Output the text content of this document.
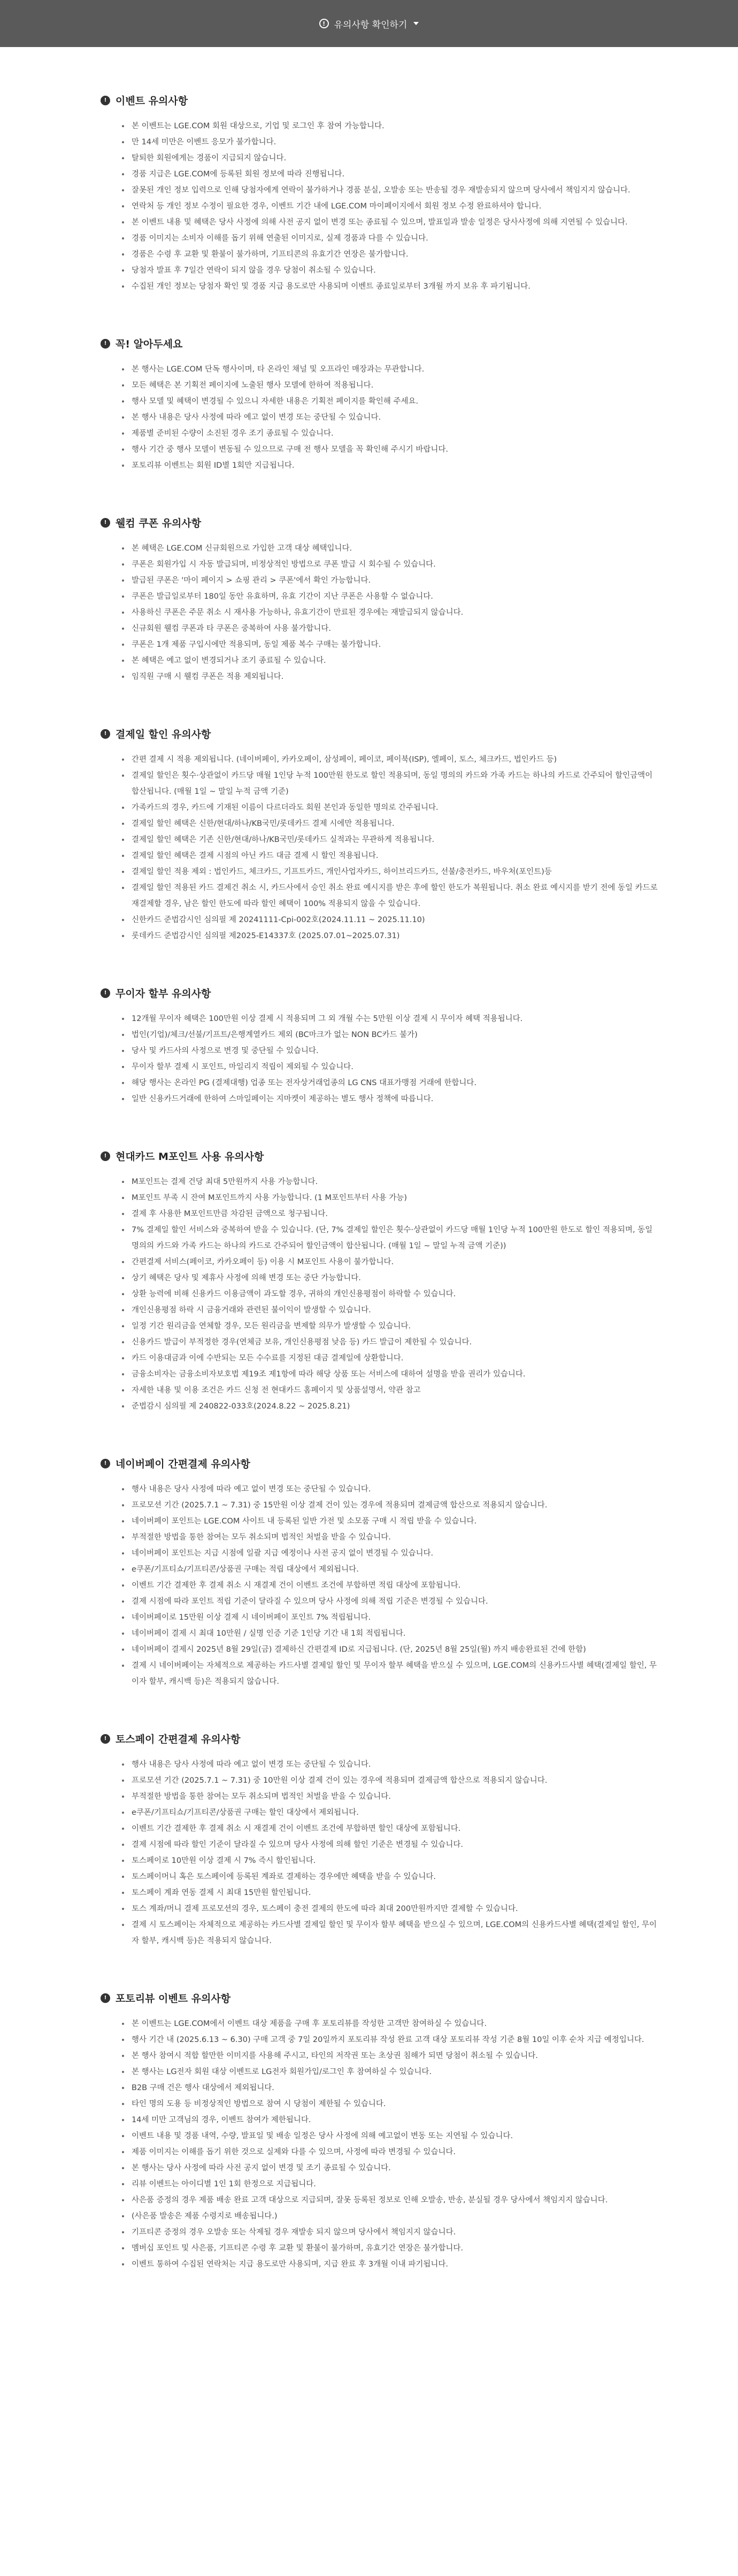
! 유의사항 확인하기
! 이벤트 유의사항
본 이벤트는 LGE.COM 회원 대상으로, 기업 및 로그인 후 참여 가능합니다.
만 14세 미만은 이벤트 응모가 불가합니다.
탈퇴한 회원에게는 경품이 지급되지 않습니다.
경품 지급은 LGE.COM에 등록된 회원 정보에 따라 진행됩니다.
잘못된 개인 정보 입력으로 인해 당첨자에게 연락이 불가하거나 경품 분실, 오발송 또는 반송될 경우 재발송되지 않으며 당사에서 책임지지 않습니다.
연락처 등 개인 정보 수정이 필요한 경우, 이벤트 기간 내에 LGE.COM 마이페이지에서 회원 정보 수정 완료하셔야 합니다.
본 이벤트 내용 및 혜택은 당사 사정에 의해 사전 공지 없이 변경 또는 종료될 수 있으며, 발표일과 발송 일정은 당사사정에 의해 지연될 수 있습니다.
경품 이미지는 소비자 이해를 돕기 위해 연출된 이미지로, 실제 경품과 다를 수 있습니다.
경품은 수령 후 교환 및 환불이 불가하며, 기프티콘의 유효기간 연장은 불가합니다.
당첨자 발표 후 7일간 연락이 되지 않을 경우 당첨이 취소될 수 있습니다.
수집된 개인 정보는 당첨자 확인 및 경품 지급 용도로만 사용되며 이벤트 종료일로부터 3개월 까지 보유 후 파기됩니다.
! 꼭! 알아두세요
본 행사는 LGE.COM 단독 행사이며, 타 온라인 채널 및 오프라인 매장과는 무관합니다.
모든 혜택은 본 기획전 페이지에 노출된 행사 모델에 한하여 적용됩니다.
행사 모델 및 혜택이 변경될 수 있으니 자세한 내용은 기획전 페이지를 확인해 주세요.
본 행사 내용은 당사 사정에 따라 예고 없이 변경 또는 중단될 수 있습니다.
제품별 준비된 수량이 소진된 경우 조기 종료될 수 있습니다.
행사 기간 중 행사 모델이 변동될 수 있으므로 구매 전 행사 모델을 꼭 확인해 주시기 바랍니다.
포토리뷰 이벤트는 회원 ID별 1회만 지급됩니다.
! 웰컴 쿠폰 유의사항
본 혜택은 LGE.COM 신규회원으로 가입한 고객 대상 혜택입니다.
쿠폰은 회원가입 시 자동 발급되며, 비정상적인 방법으로 쿠폰 발급 시 회수될 수 있습니다.
발급된 쿠폰은 '마이 페이지 > 쇼핑 관리 > 쿠폰'에서 확인 가능합니다.
쿠폰은 발급일로부터 180일 동안 유효하며, 유효 기간이 지난 쿠폰은 사용할 수 없습니다.
사용하신 쿠폰은 주문 취소 시 재사용 가능하나, 유효기간이 만료된 경우에는 재발급되지 않습니다.
신규회원 웰컴 쿠폰과 타 쿠폰은 중복하여 사용 불가합니다.
쿠폰은 1개 제품 구입시에만 적용되며, 동일 제품 복수 구매는 불가합니다.
본 혜택은 예고 없이 변경되거나 조기 종료될 수 있습니다.
임직원 구매 시 웰컴 쿠폰은 적용 제외됩니다.
! 결제일 할인 유의사항
간편 결제 시 적용 제외됩니다. (네이버페이, 카카오페이, 삼성페이, 페이코, 페이북(ISP), 엘페이, 토스, 체크카드, 법인카드 등)
결제일 할인은 횟수·상관없이 카드당 매월 1인당 누적 100만원 한도로 할인 적용되며, 동일 명의의 카드와 가족 카드는 하나의 카드로 간주되어 할인금액이 합산됩니다. (매월 1일 ~ 말일 누적 금액 기준)
가족카드의 경우, 카드에 기재된 이름이 다르더라도 회원 본인과 동일한 명의로 간주됩니다.
결제일 할인 혜택은 신한/현대/하나/KB국민/롯데카드 결제 시에만 적용됩니다.
결제일 할인 혜택은 기존 신한/현대/하나/KB국민/롯데카드 실적과는 무관하게 적용됩니다.
결제일 할인 혜택은 결제 시점의 아닌 카드 대금 결제 시 할인 적용됩니다.
결제일 할인 적용 제외 : 법인카드, 체크카드, 기프트카드, 개인사업자카드, 하이브리드카드, 선불/충전카드, 바우처(포인트)등
결제일 할인 적용된 카드 결제건 취소 시, 카드사에서 승인 취소 완료 예시지를 받은 후에 할인 한도가 복원됩니다. 취소 완료 예시지를 받기 전에 동일 카드로 재결제할 경우, 남은 할인 한도에 따라 할인 혜택이 100% 적용되지 않을 수 있습니다.
신한카드 준법감시인 심의필 제 20241111-Cpi-002호(2024.11.11 ~ 2025.11.10)
롯데카드 준법감시인 심의필 제2025-E14337호 (2025.07.01~2025.07.31)
! 무이자 할부 유의사항
12개월 무이자 혜택은 100만원 이상 결제 시 적용되며 그 외 개월 수는 5만원 이상 결제 시 무이자 혜택 적용됩니다.
법인(기업)/체크/선불/기프트/은행계열카드 제외 (BC마크가 없는 NON BC카드 불가)
당사 및 카드사의 사정으로 변경 및 중단될 수 있습니다.
무이자 할부 결제 시 포인트, 마일리지 적립이 제외될 수 있습니다.
해당 행사는 온라인 PG (결제대행) 업종 또는 전자상거래업종의 LG CNS 대표가맹점 거래에 한합니다.
일반 신용카드거래에 한하여 스마일페이는 지마켓이 제공하는 별도 행사 정책에 따릅니다.
! 현대카드 M포인트 사용 유의사항
M포인트는 결제 건당 최대 5만원까지 사용 가능합니다.
M포인트 부족 시 잔여 M포인트까지 사용 가능합니다. (1 M포인트부터 사용 가능)
결제 후 사용한 M포인트만큼 차감된 금액으로 청구됩니다.
7% 결제일 할인 서비스와 중복하여 받을 수 있습니다. (단, 7% 결제일 할인은 횟수·상관없이 카드당 매월 1인당 누적 100만원 한도로 할인 적용되며, 동일 명의의 카드와 가족 카드는 하나의 카드로 간주되어 할인금액이 합산됩니다. (매월 1일 ~ 말일 누적 금액 기준))
간편결제 서비스(페이코, 카카오페이 등) 이용 시 M포인트 사용이 불가합니다.
상기 혜택은 당사 및 제휴사 사정에 의해 변경 또는 중단 가능합니다.
상환 능력에 비해 신용카드 이용금액이 과도할 경우, 귀하의 개인신용평점이 하락할 수 있습니다.
개인신용평점 하락 시 금융거래와 관련된 불이익이 발생할 수 있습니다.
일정 기간 원리금을 연체할 경우, 모든 원리금을 변제할 의무가 발생할 수 있습니다.
신용카드 발급이 부적정한 경우(연체금 보유, 개인신용평점 낮음 등) 카드 발급이 제한될 수 있습니다.
카드 이용대금과 이에 수반되는 모든 수수료를 지정된 대금 결제일에 상환합니다.
금융소비자는 금융소비자보호법 제19조 제1항에 따라 해당 상품 또는 서비스에 대하여 설명을 받을 권리가 있습니다.
자세한 내용 및 이용 조건은 카드 신청 전 현대카드 홈페이지 및 상품설명서, 약관 참고
준법감시 심의필 제 240822-033호(2024.8.22 ~ 2025.8.21)
! 네이버페이 간편결제 유의사항
행사 내용은 당사 사정에 따라 예고 없이 변경 또는 중단될 수 있습니다.
프로모션 기간 (2025.7.1 ~ 7.31) 중 15만원 이상 결제 건이 있는 경우에 적용되며 결제금액 합산으로 적용되지 않습니다.
네이버페이 포인트는 LGE.COM 사이트 내 등록된 일반 가전 및 소모품 구매 시 적립 받을 수 있습니다.
부적절한 방법을 통한 참여는 모두 취소되며 법적인 처벌을 받을 수 있습니다.
네이버페이 포인트는 지급 시점에 일괄 지급 예정이나 사전 공지 없이 변경될 수 있습니다.
e쿠폰/기프티쇼/기프티콘/상품권 구매는 적립 대상에서 제외됩니다.
이벤트 기간 결제한 후 결제 취소 시 재결제 건이 이벤트 조건에 부합하면 적립 대상에 포함됩니다.
결제 시점에 따라 포인트 적립 기준이 달라질 수 있으며 당사 사정에 의해 적립 기준은 변경될 수 있습니다.
네이버페이로 15만원 이상 결제 시 네이버페이 포인트 7% 적립됩니다.
네이버페이 결제 시 최대 10만원 / 실명 인증 기준 1인당 기간 내 1회 적립됩니다.
네이버페이 결제시 2025년 8월 29일(금) 결제하신 간편결제 ID로 지급됩니다. (단, 2025년 8월 25일(월) 까지 배송완료된 건에 한함)
결제 시 네이버페이는 자체적으로 제공하는 카드사별 결제일 할인 및 무이자 할부 혜택을 받으실 수 있으며, LGE.COM의 신용카드사별 혜택(결제일 할인, 무이자 할부, 캐시백 등)은 적용되지 않습니다.
! 토스페이 간편결제 유의사항
행사 내용은 당사 사정에 따라 예고 없이 변경 또는 중단될 수 있습니다.
프로모션 기간 (2025.7.1 ~ 7.31) 중 10만원 이상 결제 건이 있는 경우에 적용되며 결제금액 합산으로 적용되지 않습니다.
부적절한 방법을 통한 참여는 모두 취소되며 법적인 처벌을 받을 수 있습니다.
e쿠폰/기프티쇼/기프티콘/상품권 구매는 할인 대상에서 제외됩니다.
이벤트 기간 결제한 후 결제 취소 시 재결제 건이 이벤트 조건에 부합하면 할인 대상에 포함됩니다.
결제 시점에 따라 할인 기준이 달라질 수 있으며 당사 사정에 의해 할인 기준은 변경될 수 있습니다.
토스페이로 10만원 이상 결제 시 7% 즉시 할인됩니다.
토스페이머니 혹은 토스페이에 등록된 계좌로 결제하는 경우에만 혜택을 받을 수 있습니다.
토스페이 계좌 연동 결제 시 최대 15만원 할인됩니다.
토스 계좌/머니 결제 프로모션의 경우, 토스페이 충전 결제의 한도에 따라 최대 200만원까지만 결제할 수 있습니다.
결제 시 토스페이는 자체적으로 제공하는 카드사별 결제일 할인 및 무이자 할부 혜택을 받으실 수 있으며, LGE.COM의 신용카드사별 혜택(결제일 할인, 무이자 할부, 캐시백 등)은 적용되지 않습니다.
! 포토리뷰 이벤트 유의사항
본 이벤트는 LGE.COM에서 이벤트 대상 제품을 구매 후 포토리뷰를 작성한 고객만 참여하실 수 있습니다.
행사 기간 내 (2025.6.13 ~ 6.30) 구매 고객 중 7일 20일까지 포토리뷰 작성 완료 고객 대상 포토리뷰 작성 기준 8월 10일 이후 순차 지급 예정입니다.
본 행사 참여시 적합 할만한 이미지를 사용해 주시고, 타인의 저작권 또는 초상권 침해가 되면 당첨이 취소될 수 있습니다.
본 행사는 LG전자 회원 대상 이벤트로 LG전자 회원가입/로그인 후 참여하실 수 있습니다.
B2B 구매 건은 행사 대상에서 제외됩니다.
타인 명의 도용 등 비정상적인 방법으로 참여 시 당첨이 제한될 수 있습니다.
14세 미만 고객님의 경우, 이벤트 참여가 제한됩니다.
이벤트 내용 및 경품 내역, 수량, 발표일 및 배송 일정은 당사 사정에 의해 예고없이 변동 또는 지연될 수 있습니다.
제품 이미지는 이해를 돕기 위한 것으로 실제와 다를 수 있으며, 사정에 따라 변경될 수 있습니다.
본 행사는 당사 사정에 따라 사전 공지 없이 변경 및 조기 종료될 수 있습니다.
리뷰 이벤트는 아이디별 1인 1회 한정으로 지급됩니다.
사은품 증정의 경우 제품 배송 완료 고객 대상으로 지급되며, 잘못 등록된 정보로 인해 오발송, 반송, 분실될 경우 당사에서 책임지지 않습니다.
(사은품 발송은 제품 수령지로 배송됩니다.)
기프티콘 증정의 경우 오발송 또는 삭제될 경우 재발송 되지 않으며 당사에서 책임지지 않습니다.
멤버십 포인트 및 사은품, 기프티콘 수령 후 교환 및 환불이 불가하며, 유효기간 연장은 불가합니다.
이벤트 통하여 수집된 연락처는 지급 용도로만 사용되며, 지급 완료 후 3개월 이내 파기됩니다.
